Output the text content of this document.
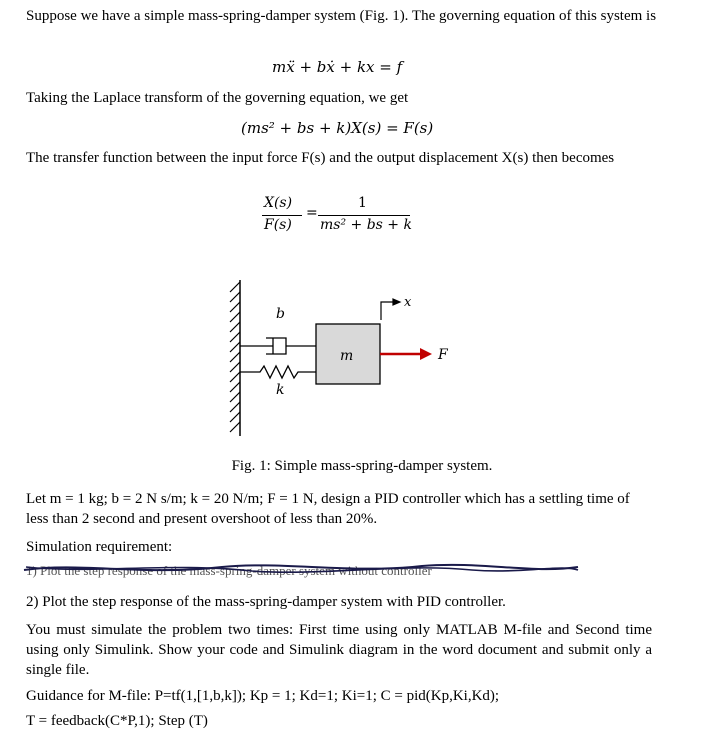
Suppose we have a simple mass-spring-damper system (Fig. 1). The governing equation of this system is
mẍ + bẋ + kx = f
Taking the Laplace transform of the governing equation, we get
(ms² + bs + k)X(s) = F(s)
The transfer function between the input force F(s) and the output displacement X(s) then becomes
X(s)
F(s)
=
1
ms² + bs + k
b
k
m
x
F
Fig. 1: Simple mass-spring-damper system.
Let m = 1 kg; b = 2 N s/m; k = 20 N/m; F = 1 N, design a PID controller which has a settling time of less than 2 second and present overshoot of less than 20%.
Simulation requirement:
1) Plot the step response of the mass-spring-damper system without controller
2) Plot the step response of the mass-spring-damper system with PID controller.
You must simulate the problem two times: First time using only MATLAB M-file and Second time using only Simulink. Show your code and Simulink diagram in the word document and submit only a single file.
Guidance for M-file: P=tf(1,[1,b,k]); Kp = 1; Kd=1; Ki=1; C = pid(Kp,Ki,Kd);
T = feedback(C*P,1); Step (T)
